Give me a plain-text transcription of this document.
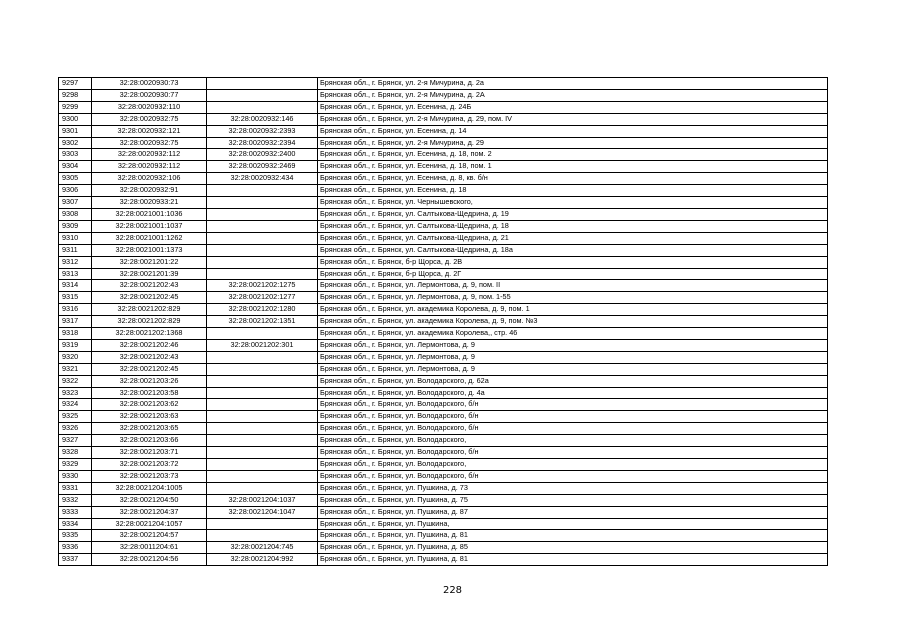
9297	32:28:0020930:73		Брянская обл., г. Брянск, ул. 2-я Мичурина, д. 2а
9298	32:28:0020930:77		Брянская обл., г. Брянск, ул. 2-я Мичурина, д. 2А
9299	32:28:0020932:110		Брянская обл., г. Брянск, ул. Есенина, д. 24Б
9300	32:28:0020932:75	32:28:0020932:146	Брянская обл., г. Брянск, ул. 2-я Мичурина, д. 29, пом. IV
9301	32:28:0020932:121	32:28:0020932:2393	Брянская обл., г. Брянск, ул. Есенина, д. 14
9302	32:28:0020932:75	32:28:0020932:2394	Брянская обл., г. Брянск, ул. 2-я Мичурина, д. 29
9303	32:28:0020932:112	32:28:0020932:2400	Брянская обл., г. Брянск, ул. Есенина, д. 18, пом. 2
9304	32:28:0020932:112	32:28:0020932:2469	Брянская обл., г. Брянск, ул. Есенина, д. 18, пом. 1
9305	32:28:0020932:106	32:28:0020932:434	Брянская обл., г. Брянск, ул. Есенина, д. 8, кв. б/н
9306	32:28:0020932:91		Брянская обл., г. Брянск, ул. Есенина, д. 18
9307	32:28:0020933:21		Брянская обл., г. Брянск, ул. Чернышевского,
9308	32:28:0021001:1036		Брянская обл., г. Брянск, ул. Салтыкова-Щедрина, д. 19
9309	32:28:0021001:1037		Брянская обл., г. Брянск, ул. Салтыкова-Щедрина, д. 18
9310	32:28:0021001:1262		Брянская обл., г. Брянск, ул. Салтыкова-Щедрина, д. 21
9311	32:28:0021001:1373		Брянская обл., г. Брянск, ул. Салтыкова-Щедрина, д. 18а
9312	32:28:0021201:22		Брянская обл., г. Брянск, б-р Щорса, д. 2В
9313	32:28:0021201:39		Брянская обл., г. Брянск, б-р Щорса, д. 2Г
9314	32:28:0021202:43	32:28:0021202:1275	Брянская обл., г. Брянск, ул. Лермонтова, д. 9, пом. II
9315	32:28:0021202:45	32:28:0021202:1277	Брянская обл., г. Брянск, ул. Лермонтова, д. 9, пом. 1-55
9316	32:28:0021202:829	32:28:0021202:1280	Брянская обл., г. Брянск, ул. академика Королева, д. 9, пом. 1
9317	32:28:0021202:829	32:28:0021202:1351	Брянская обл., г. Брянск, ул. академика Королева, д. 9, пом. №3
9318	32:28:0021202:1368		Брянская обл., г. Брянск, ул. академика Королева,, стр. 46
9319	32:28:0021202:46	32:28:0021202:301	Брянская обл., г. Брянск, ул. Лермонтова, д. 9
9320	32:28:0021202:43		Брянская обл., г. Брянск, ул. Лермонтова, д. 9
9321	32:28:0021202:45		Брянская обл., г. Брянск, ул. Лермонтова, д. 9
9322	32:28:0021203:26		Брянская обл., г. Брянск, ул. Володарского, д. 62а
9323	32:28:0021203:58		Брянская обл., г. Брянск, ул. Володарского, д. 4а
9324	32:28:0021203:62		Брянская обл., г. Брянск, ул. Володарского, б/н
9325	32:28:0021203:63		Брянская обл., г. Брянск, ул. Володарского, б/н
9326	32:28:0021203:65		Брянская обл., г. Брянск, ул. Володарского, б/н
9327	32:28:0021203:66		Брянская обл., г. Брянск, ул. Володарского,
9328	32:28:0021203:71		Брянская обл., г. Брянск, ул. Володарского, б/н
9329	32:28:0021203:72		Брянская обл., г. Брянск, ул. Володарского,
9330	32:28:0021203:73		Брянская обл., г. Брянск, ул. Володарского, б/н
9331	32:28:0021204:1005		Брянская обл., г. Брянск, ул. Пушкина, д. 73
9332	32:28:0021204:50	32:28:0021204:1037	Брянская обл., г. Брянск, ул. Пушкина, д. 75
9333	32:28:0021204:37	32:28:0021204:1047	Брянская обл., г. Брянск, ул. Пушкина, д. 87
9334	32:28:0021204:1057		Брянская обл., г. Брянск, ул. Пушкина,
9335	32:28:0021204:57		Брянская обл., г. Брянск, ул. Пушкина, д. 81
9336	32:28:0011204:61	32:28:0021204:745	Брянская обл., г. Брянск, ул. Пушкина, д. 85
9337	32:28:0021204:56	32:28:0021204:992	Брянская обл., г. Брянск, ул. Пушкина, д. 81
228
